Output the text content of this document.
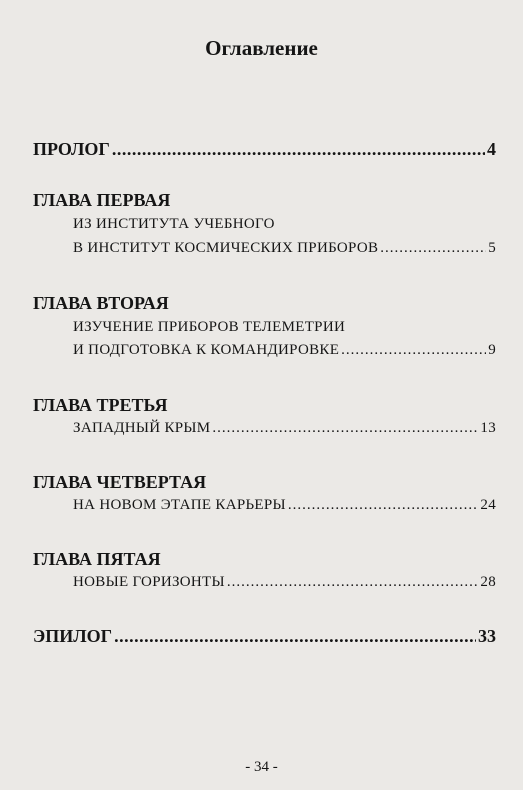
Оглавление
ПРОЛОГ .....	4
ГЛАВА ПЕРВАЯ
ИЗ ИНСТИТУТА УЧЕБНОГО
В ИНСТИТУТ КОСМИЧЕСКИХ ПРИБОРОВ .....	5
ГЛАВА ВТОРАЯ
ИЗУЧЕНИЕ ПРИБОРОВ ТЕЛЕМЕТРИИ
И ПОДГОТОВКА К КОМАНДИРОВКЕ .....	9
ГЛАВА ТРЕТЬЯ
ЗАПАДНЫЙ КРЫМ .....	13
ГЛАВА ЧЕТВЕРТАЯ
НА НОВОМ ЭТАПЕ КАРЬЕРЫ .....	24
ГЛАВА ПЯТАЯ
НОВЫЕ ГОРИЗОНТЫ .....	28
ЭПИЛОГ .....	33
- 34 -
